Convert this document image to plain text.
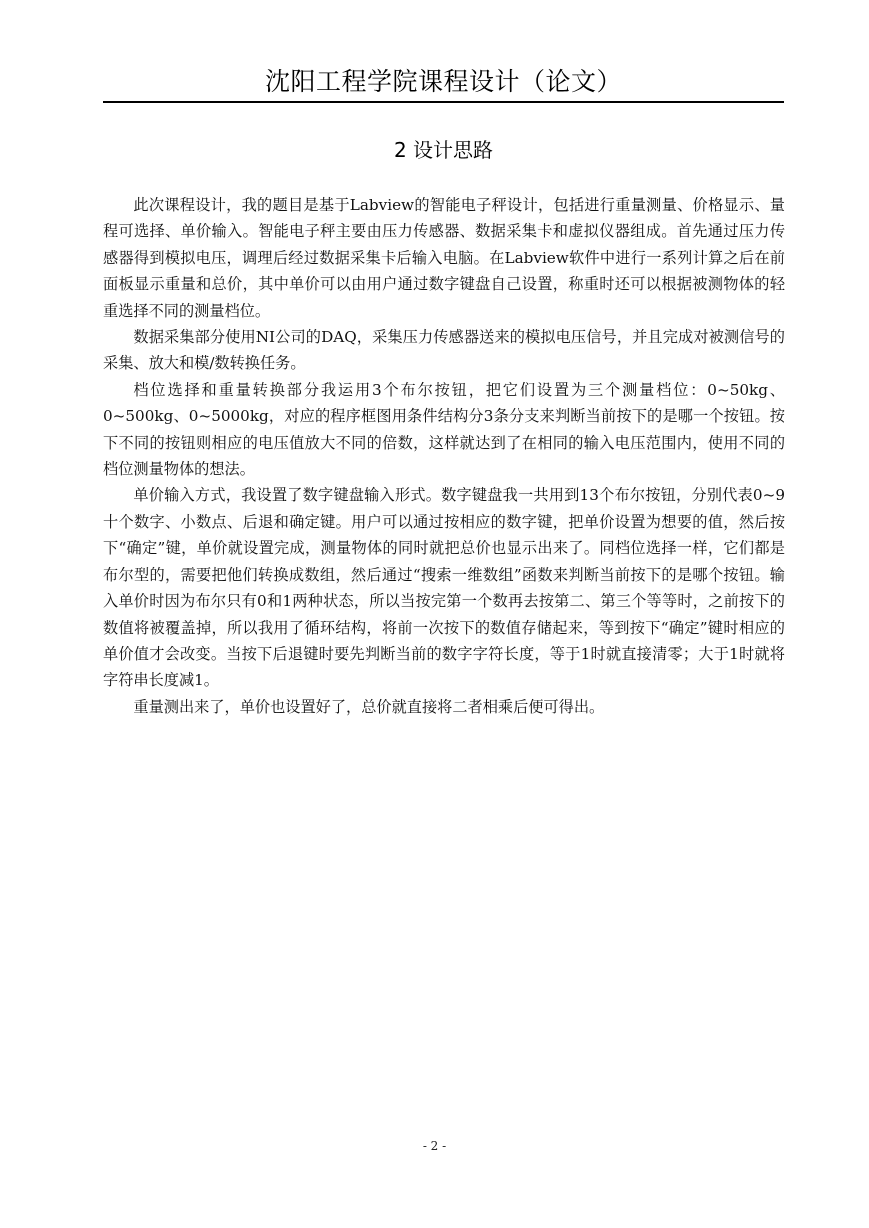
沈阳工程学院课程设计（论文）
2 设计思路

此次课程设计，我的题目是基于Labview的智能电子秤设计，包括进行重量测量、价格显示、量程可选择、单价输入。智能电子秤主要由压力传感器、数据采集卡和虚拟仪器组成。首先通过压力传感器得到模拟电压，调理后经过数据采集卡后输入电脑。在Labview软件中进行一系列计算之后在前面板显示重量和总价，其中单价可以由用户通过数字键盘自己设置，称重时还可以根据被测物体的轻重选择不同的测量档位。

数据采集部分使用NI公司的DAQ，采集压力传感器送来的模拟电压信号，并且完成对被测信号的采集、放大和模/数转换任务。

档位选择和重量转换部分我运用3个布尔按钮，把它们设置为三个测量档位：0~50kg、0~500kg、0~5000kg，对应的程序框图用条件结构分3条分支来判断当前按下的是哪一个按钮。按下不同的按钮则相应的电压值放大不同的倍数，这样就达到了在相同的输入电压范围内，使用不同的档位测量物体的想法。

单价输入方式，我设置了数字键盘输入形式。数字键盘我一共用到13个布尔按钮，分别代表0~9十个数字、小数点、后退和确定键。用户可以通过按相应的数字键，把单价设置为想要的值，然后按下“确定”键，单价就设置完成，测量物体的同时就把总价也显示出来了。同档位选择一样，它们都是布尔型的，需要把他们转换成数组，然后通过“搜索一维数组”函数来判断当前按下的是哪个按钮。输入单价时因为布尔只有0和1两种状态，所以当按完第一个数再去按第二、第三个等等时，之前按下的数值将被覆盖掉，所以我用了循环结构，将前一次按下的数值存储起来，等到按下“确定”键时相应的单价值才会改变。当按下后退键时要先判断当前的数字字符长度，等于1时就直接清零；大于1时就将字符串长度减1。

重量测出来了，单价也设置好了，总价就直接将二者相乘后便可得出。

- 2 -
